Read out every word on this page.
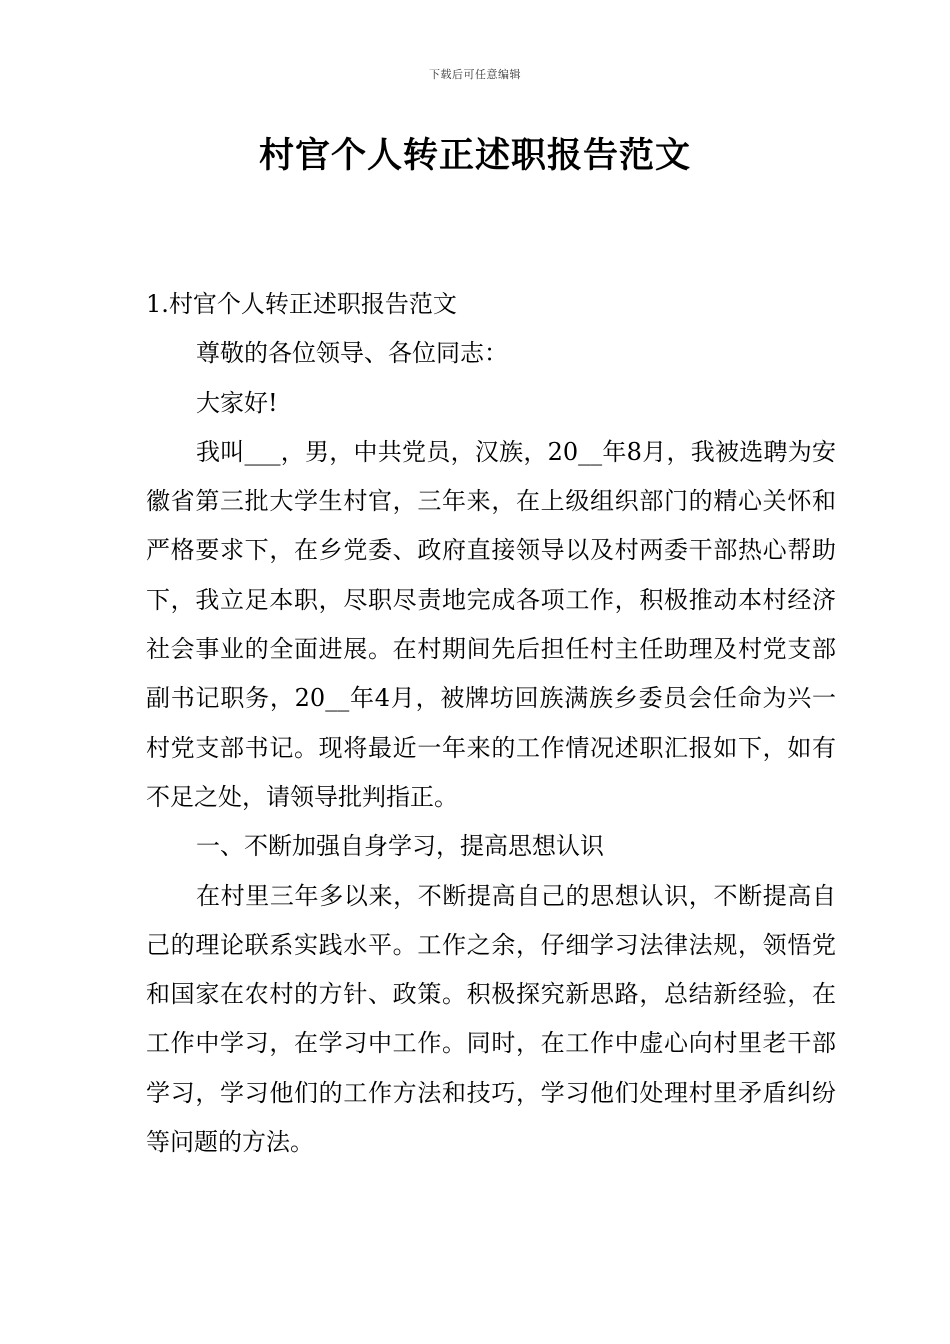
下载后可任意编辑
村官个人转正述职报告范文

1.村官个人转正述职报告范文

尊敬的各位领导、各位同志：

大家好!

我叫___，男，中共党员，汉族，20__年8月，我被选聘为安徽省第三批大学生村官，三年来，在上级组织部门的精心关怀和严格要求下，在乡党委、政府直接领导以及村两委干部热心帮助下，我立足本职，尽职尽责地完成各项工作，积极推动本村经济社会事业的全面进展。在村期间先后担任村主任助理及村党支部副书记职务，20__年4月，被牌坊回族满族乡委员会任命为兴一村党支部书记。现将最近一年来的工作情况述职汇报如下，如有不足之处，请领导批判指正。

一、不断加强自身学习，提高思想认识

在村里三年多以来，不断提高自己的思想认识，不断提高自己的理论联系实践水平。工作之余，仔细学习法律法规，领悟党和国家在农村的方针、政策。积极探究新思路，总结新经验，在工作中学习，在学习中工作。同时，在工作中虚心向村里老干部学习，学习他们的工作方法和技巧，学习他们处理村里矛盾纠纷等问题的方法。
